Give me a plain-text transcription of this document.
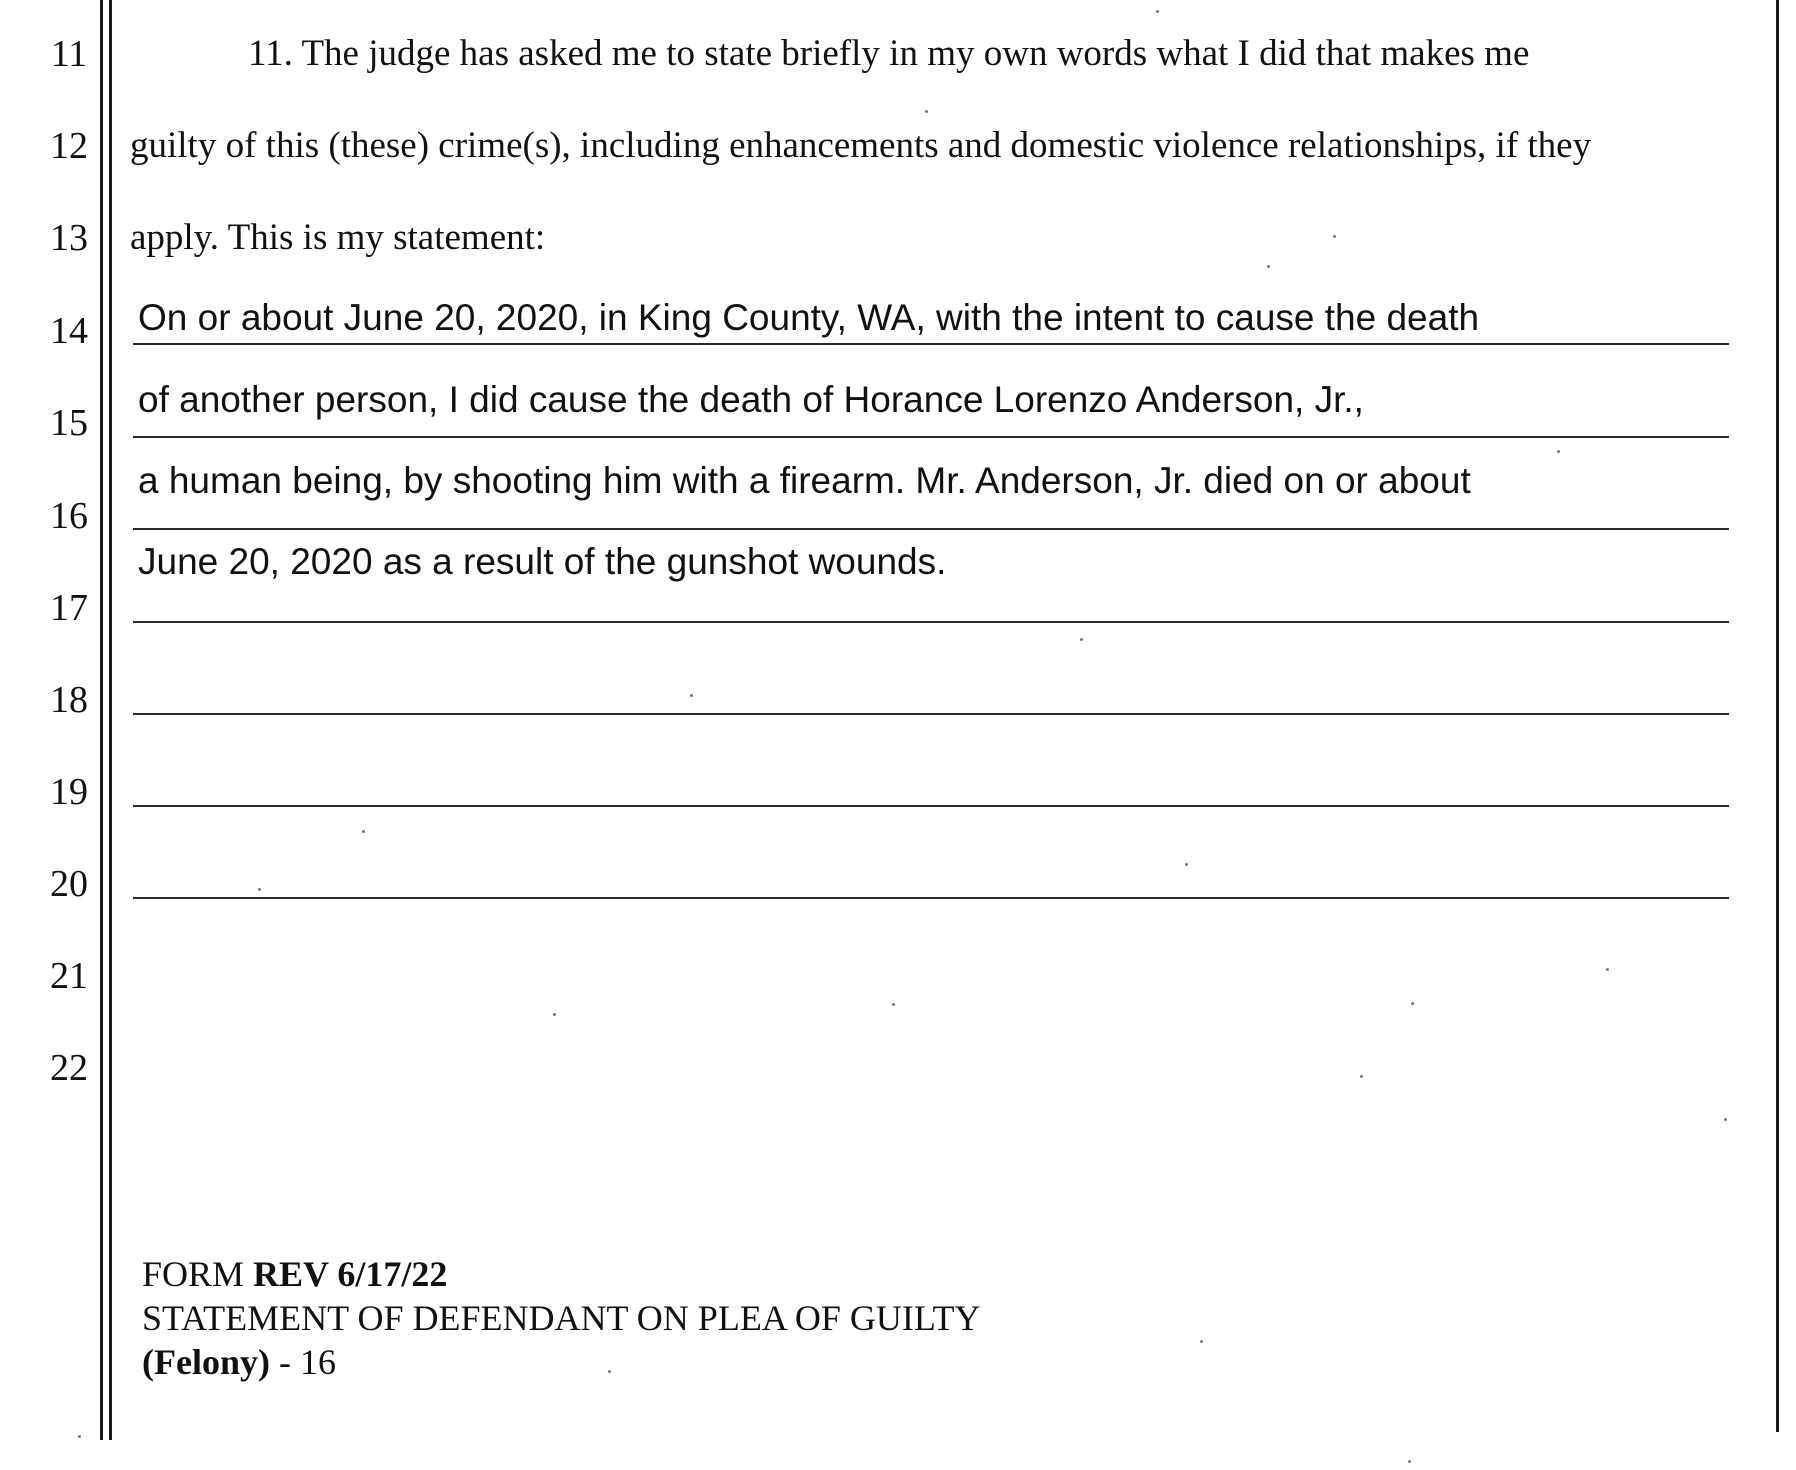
11
12
13
14
15
16
17
18
19
20
21
22
11. The judge has asked me to state briefly in my own words what I did that makes me
guilty of this (these) crime(s), including enhancements and domestic violence relationships, if they
apply. This is my statement:
On or about June 20, 2020, in King County, WA, with the intent to cause the death
of another person, I did cause the death of Horance Lorenzo Anderson, Jr.,
a human being, by shooting him with a firearm. Mr. Anderson, Jr. died on or about
June 20, 2020 as a result of the gunshot wounds.
FORM REV 6/17/22
STATEMENT OF DEFENDANT ON PLEA OF GUILTY
(Felony) - 16
